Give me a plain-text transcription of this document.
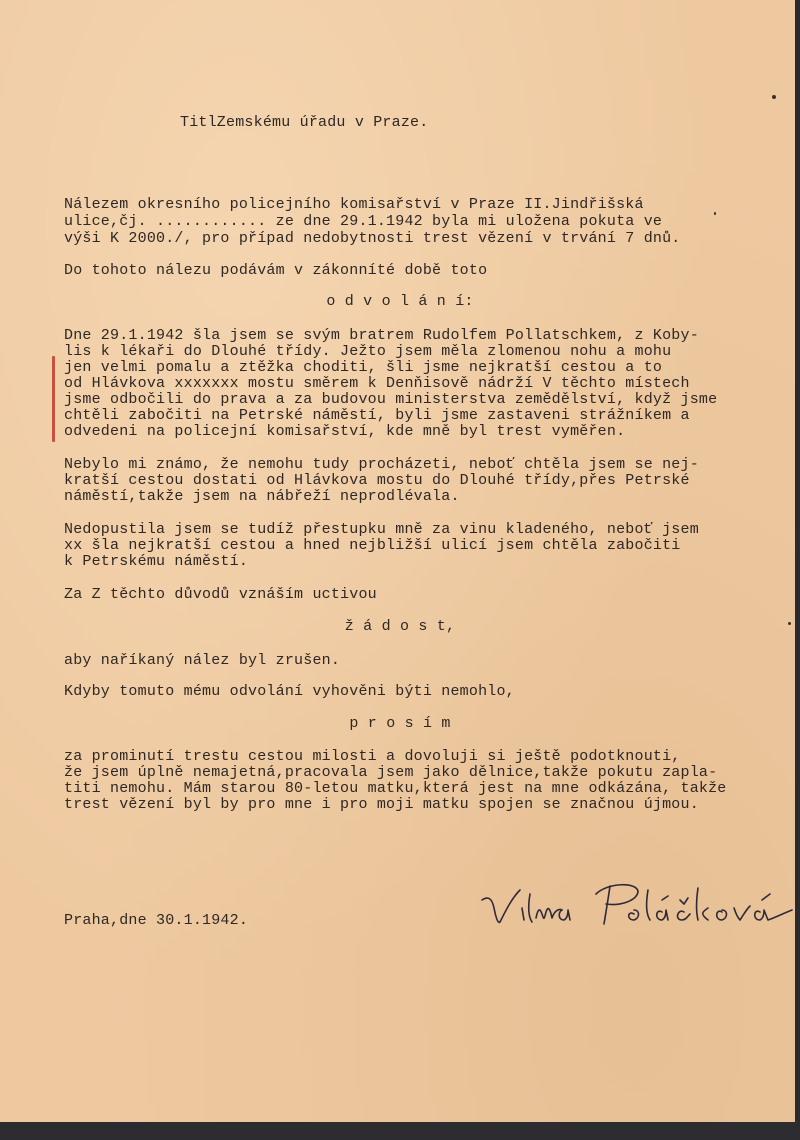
TitlZemskému úřadu v Praze.
Nálezem okresního policejního komisařství v Praze II.Jindřišská
ulice,čj. ............ ze dne 29.1.1942 byla mi uložena pokuta ve
výši K 2000./, pro případ nedobytnosti trest vězení v trvání 7 dnů.
Do tohoto nálezu podávám v zákonníté době toto
o d v o l á n í:
Dne 29.1.1942 šla jsem se svým bratrem Rudolfem Pollatschkem, z Koby-
lis k lékaři do Dlouhé třídy. Ježto jsem měla zlomenou nohu a mohu
jen velmi pomalu a ztěžka choditi, šli jsme nejkratší cestou a to
od Hlávkova xxxxxxx mostu směrem k Denňisově nádrží V těchto místech
jsme odbočili do prava a za budovou ministerstva zemědělství, když jsme
chtěli zabočiti na Petrské náměstí, byli jsme zastaveni strážníkem a
odvedeni na policejní komisařství, kde mně byl trest vyměřen.
Nebylo mi známo, že nemohu tudy procházeti, neboť chtěla jsem se nej-
kratší cestou dostati od Hlávkova mostu do Dlouhé třídy,přes Petrské
náměstí,takže jsem na nábřeží neprodlévala.
Nedopustila jsem se tudíž přestupku mně za vinu kladeného, neboť jsem
xx šla nejkratší cestou a hned nejbližší ulicí jsem chtěla zabočiti
k Petrskému náměstí.
Za Z těchto důvodů vznáším uctivou
ž á d o s t,
aby naříkaný nález byl zrušen.
Kdyby tomuto mému odvolání vyhověni býti nemohlo,
p r o s í m
za prominutí trestu cestou milosti a dovoluji si ještě podotknouti,
že jsem úplně nemajetná,pracovala jsem jako dělnice,takže pokutu zapla-
titi nemohu. Mám starou 80-letou matku,která jest na mne odkázána, takže
trest vězení byl by pro mne i pro moji matku spojen se značnou újmou.
Praha,dne 30.1.1942.
